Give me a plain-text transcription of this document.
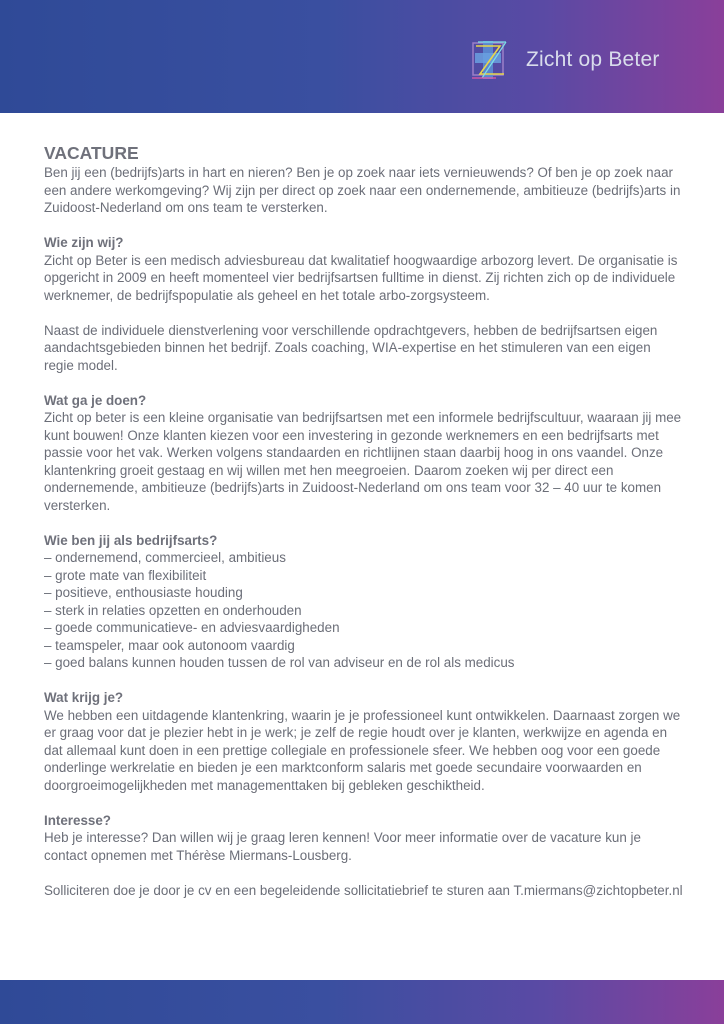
Zicht op Beter
VACATURE

Ben jij een (bedrijfs)arts in hart en nieren? Ben je op zoek naar iets vernieuwends? Of ben je op zoek naar een andere werkomgeving? Wij zijn per direct op zoek naar een ondernemende, ambitieuze (bedrijfs)arts in Zuidoost-Nederland om ons team te versterken.

Wie zijn wij?

Zicht op Beter is een medisch adviesbureau dat kwalitatief hoogwaardige arbozorg levert. De organisatie is opgericht in 2009 en heeft momenteel vier bedrijfsartsen fulltime in dienst. Zij richten zich op de individuele werknemer, de bedrijfspopulatie als geheel en het totale arbo-zorgsysteem.

Naast de individuele dienstverlening voor verschillende opdrachtgevers, hebben de bedrijfsartsen eigen aandachtsgebieden binnen het bedrijf. Zoals coaching, WIA-expertise en het stimuleren van een eigen regie model.

Wat ga je doen?

Zicht op beter is een kleine organisatie van bedrijfsartsen met een informele bedrijfscultuur, waaraan jij mee kunt bouwen! Onze klanten kiezen voor een investering in gezonde werknemers en een bedrijfsarts met passie voor het vak. Werken volgens standaarden en richtlijnen staan daarbij hoog in ons vaandel. Onze klantenkring groeit gestaag en wij willen met hen meegroeien. Daarom zoeken wij per direct een ondernemende, ambitieuze (bedrijfs)arts in Zuidoost-Nederland om ons team voor 32 – 40 uur te komen versterken.

Wie ben jij als bedrijfsarts?

– ondernemend, commercieel, ambitieus
– grote mate van flexibiliteit
– positieve, enthousiaste houding
– sterk in relaties opzetten en onderhouden
– goede communicatieve- en adviesvaardigheden
– teamspeler, maar ook autonoom vaardig
– goed balans kunnen houden tussen de rol van adviseur en de rol als medicus

Wat krijg je?

We hebben een uitdagende klantenkring, waarin je je professioneel kunt ontwikkelen. Daarnaast zorgen we er graag voor dat je plezier hebt in je werk; je zelf de regie houdt over je klanten, werkwijze en agenda en dat allemaal kunt doen in een prettige collegiale en professionele sfeer. We hebben oog voor een goede onderlinge werkrelatie en bieden je een marktconform salaris met goede secundaire voorwaarden en doorgroeimogelijkheden met managementtaken bij gebleken geschiktheid.

Interesse?

Heb je interesse? Dan willen wij je graag leren kennen! Voor meer informatie over de vacature kun je contact opnemen met Thérèse Miermans-Lousberg.

Solliciteren doe je door je cv en een begeleidende sollicitatiebrief te sturen aan T.miermans@zichtopbeter.nl
